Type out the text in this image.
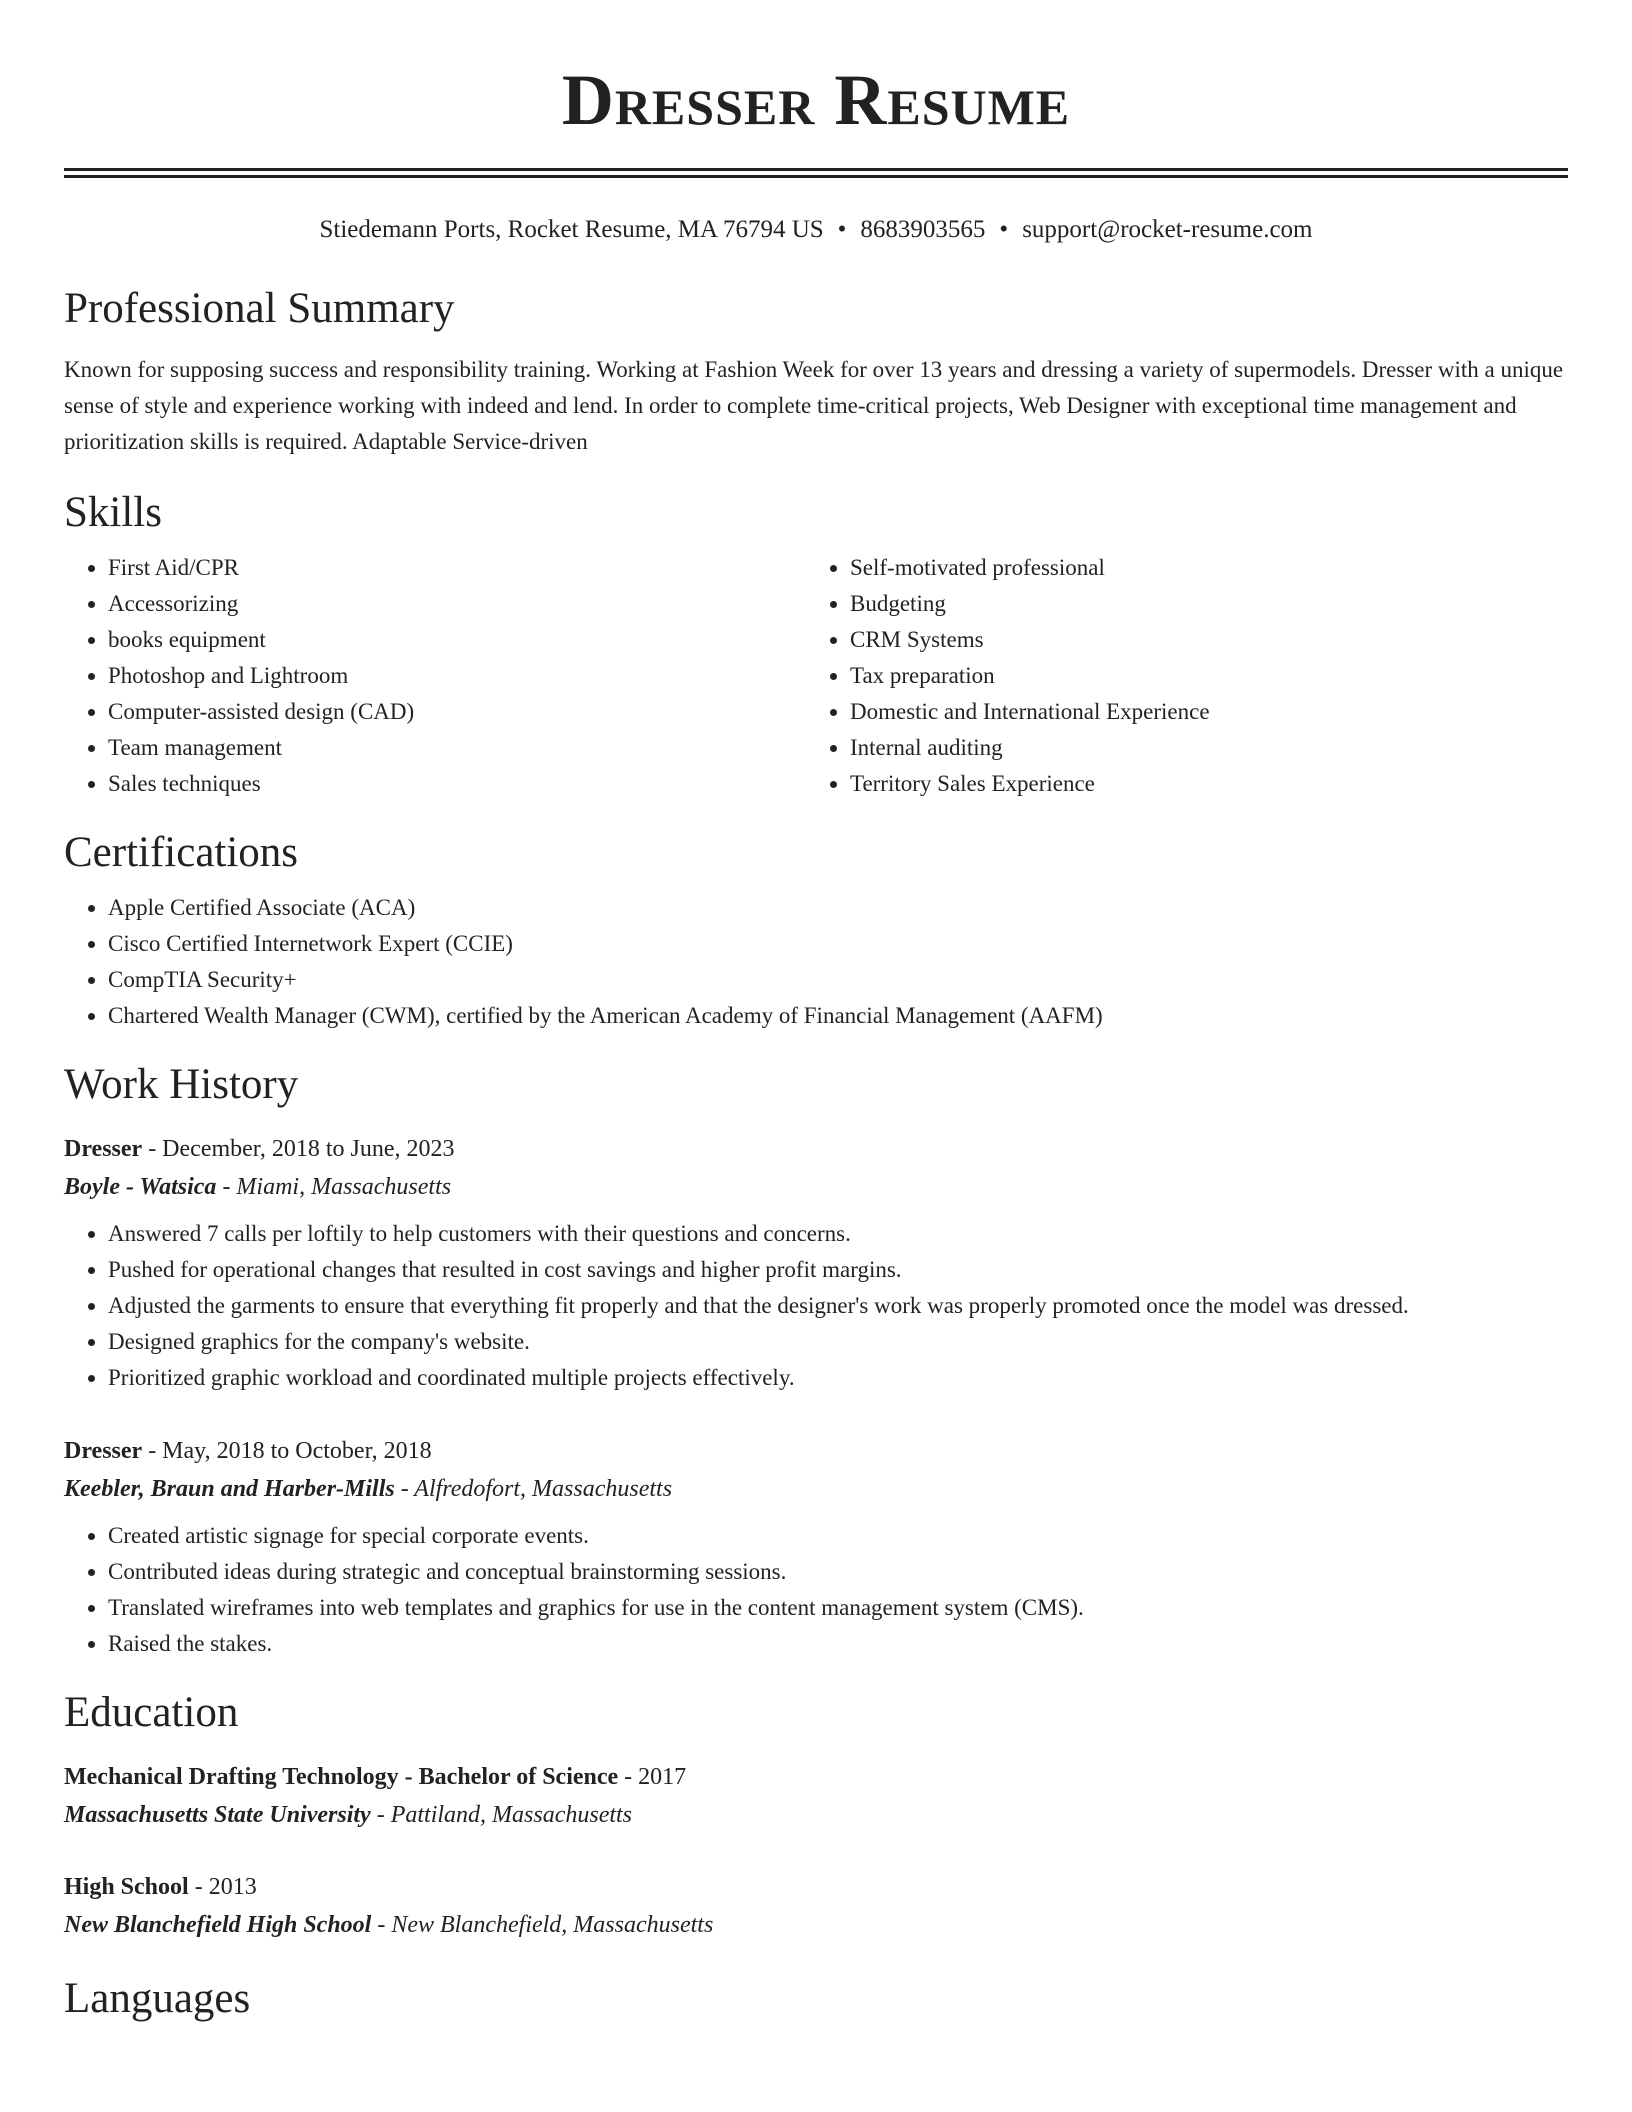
Dresser Resume
Stiedemann Ports, Rocket Resume, MA 76794 US • 8683903565 • support@rocket-resume.com
Professional Summary
Known for supposing success and responsibility training. Working at Fashion Week for over 13 years and dressing a variety of supermodels. Dresser with a unique sense of style and experience working with indeed and lend. In order to complete time-critical projects, Web Designer with exceptional time management and prioritization skills is required. Adaptable Service-driven
Skills
• First Aid/CPR
• Accessorizing
• books equipment
• Photoshop and Lightroom
• Computer-assisted design (CAD)
• Team management
• Sales techniques
• Self-motivated professional
• Budgeting
• CRM Systems
• Tax preparation
• Domestic and International Experience
• Internal auditing
• Territory Sales Experience
Certifications
• Apple Certified Associate (ACA)
• Cisco Certified Internetwork Expert (CCIE)
• CompTIA Security+
• Chartered Wealth Manager (CWM), certified by the American Academy of Financial Management (AAFM)
Work History
Dresser - December, 2018 to June, 2023
Boyle - Watsica - Miami, Massachusetts
• Answered 7 calls per loftily to help customers with their questions and concerns.
• Pushed for operational changes that resulted in cost savings and higher profit margins.
• Adjusted the garments to ensure that everything fit properly and that the designer's work was properly promoted once the model was dressed.
• Designed graphics for the company's website.
• Prioritized graphic workload and coordinated multiple projects effectively.
Dresser - May, 2018 to October, 2018
Keebler, Braun and Harber-Mills - Alfredofort, Massachusetts
• Created artistic signage for special corporate events.
• Contributed ideas during strategic and conceptual brainstorming sessions.
• Translated wireframes into web templates and graphics for use in the content management system (CMS).
• Raised the stakes.
Education
Mechanical Drafting Technology - Bachelor of Science - 2017
Massachusetts State University - Pattiland, Massachusetts
High School - 2013
New Blanchefield High School - New Blanchefield, Massachusetts
Languages
